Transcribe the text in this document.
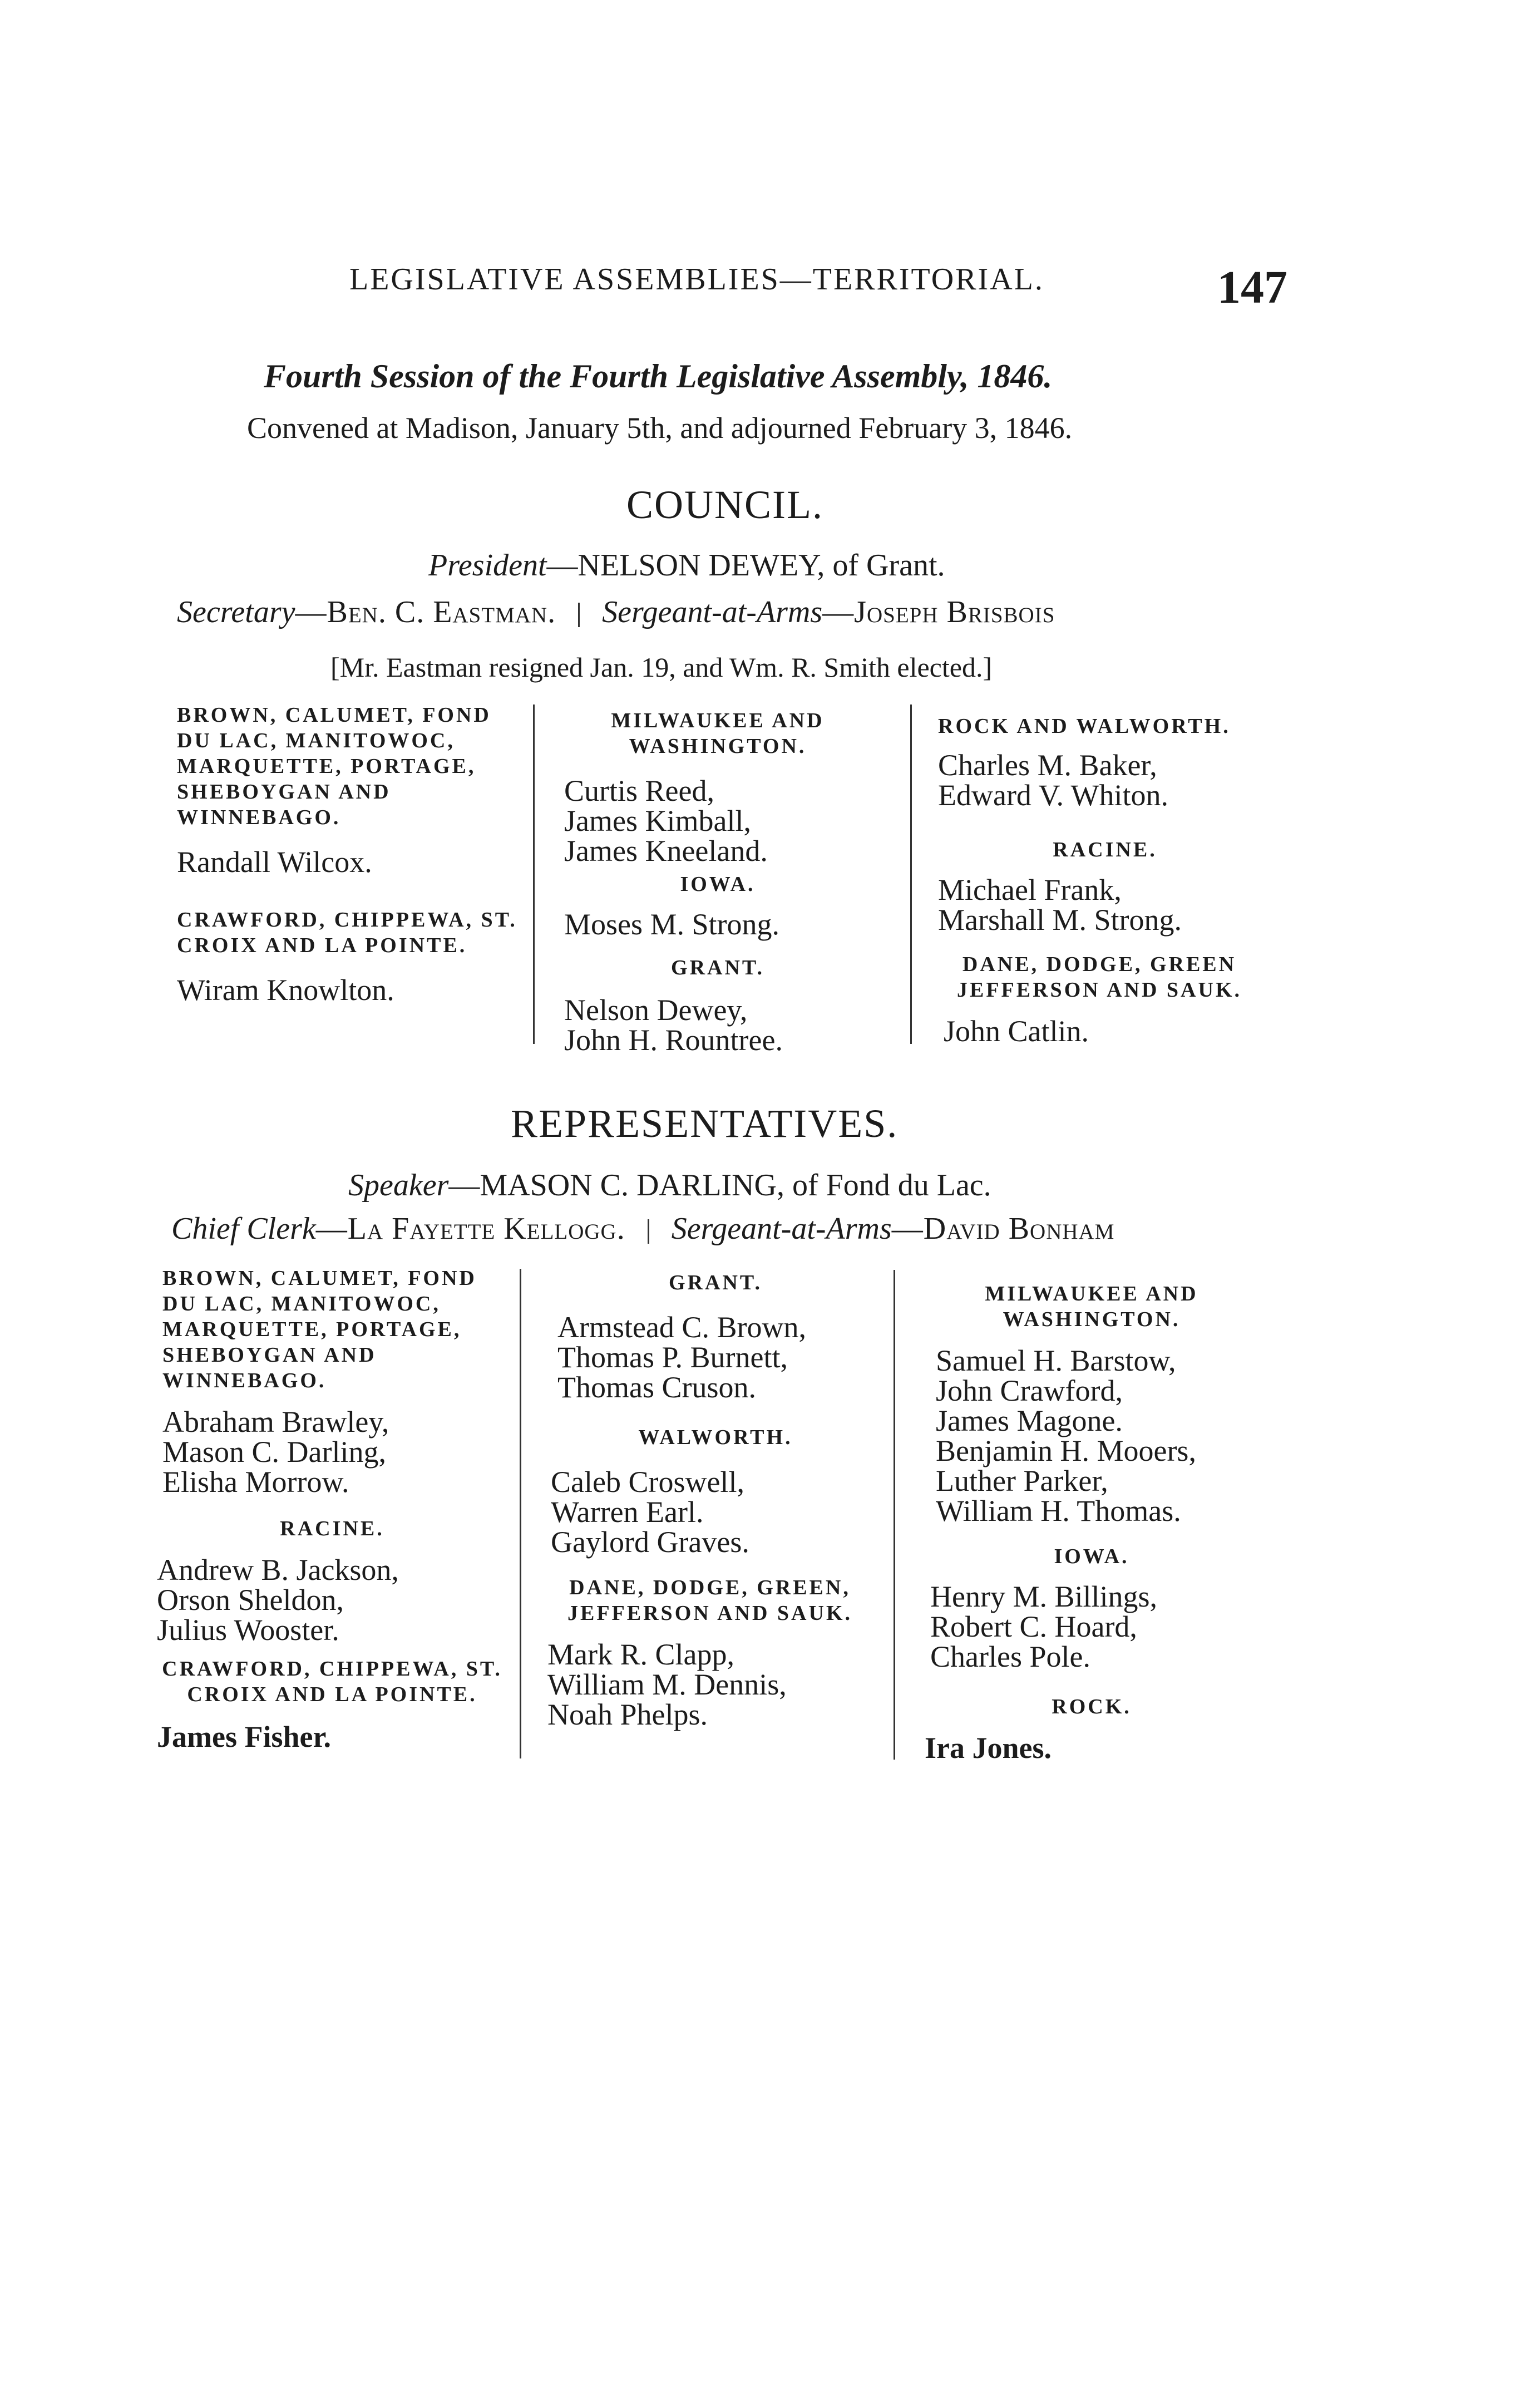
LEGISLATIVE ASSEMBLIES—TERRITORIAL.	147
Fourth Session of the Fourth Legislative Assembly, 1846.
Convened at Madison, January 5th, and adjourned February 3, 1846.
COUNCIL.
President—NELSON DEWEY, of Grant.
Secretary—Ben. C. Eastman. Sergeant-at-Arms—Joseph Brisbois
[Mr. Eastman resigned Jan. 19, and Wm. R. Smith elected.]
BROWN, CALUMET, FOND DU LAC, MANITOWOC, MARQUETTE, PORTAGE, SHEBOYGAN AND WINNEBAGO.
Randall Wilcox.
CRAWFORD, CHIPPEWA, ST. CROIX AND LA POINTE.
Wiram Knowlton.
MILWAUKEE AND WASHINGTON.
Curtis Reed,
James Kimball,
James Kneeland.
IOWA.
Moses M. Strong.
GRANT.
Nelson Dewey,
John H. Rountree.
ROCK AND WALWORTH.
Charles M. Baker,
Edward V. Whiton.
RACINE.
Michael Frank,
Marshall M. Strong.
DANE, DODGE, GREEN JEFFERSON AND SAUK.
John Catlin.
REPRESENTATIVES.
Speaker—MASON C. DARLING, of Fond du Lac.
Chief Clerk—La Fayette Kellogg. Sergeant-at-Arms—David Bonham
BROWN, CALUMET, FOND DU LAC, MANITOWOC, MARQUETTE, PORTAGE, SHEBOYGAN AND WINNEBAGO.
Abraham Brawley,
Mason C. Darling,
Elisha Morrow.
RACINE.
Andrew B. Jackson,
Orson Sheldon,
Julius Wooster.
CRAWFORD, CHIPPEWA, ST. CROIX AND LA POINTE.
James Fisher.
GRANT.
Armstead C. Brown,
Thomas P. Burnett,
Thomas Cruson.
WALWORTH.
Caleb Croswell,
Warren Earl.
Gaylord Graves.
DANE, DODGE, GREEN, JEFFERSON AND SAUK.
Mark R. Clapp,
William M. Dennis,
Noah Phelps.
MILWAUKEE AND WASHINGTON.
Samuel H. Barstow,
John Crawford,
James Magone.
Benjamin H. Mooers,
Luther Parker,
William H. Thomas.
IOWA.
Henry M. Billings,
Robert C. Hoard,
Charles Pole.
ROCK.
Ira Jones.
